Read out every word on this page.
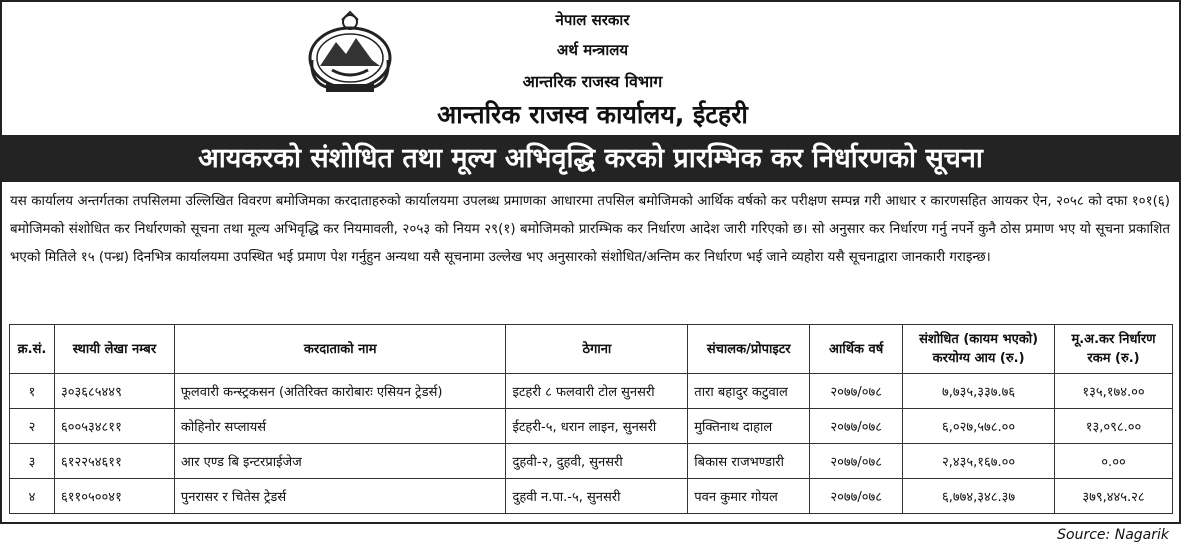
नेपाल सरकार
अर्थ मन्त्रालय
आन्तरिक राजस्व विभाग
आन्तरिक राजस्व कार्यालय, ईटहरी
आयकरको संशोधित तथा मूल्य अभिवृद्धि करको प्रारम्भिक कर निर्धारणको सूचना
यस कार्यालय अन्तर्गतका तपसिलमा उल्लिखित विवरण बमोजिमका करदाताहरुको कार्यालयमा उपलब्ध प्रमाणका आधारमा तपसिल बमोजिमको आर्थिक वर्षको कर परीक्षण सम्पन्न गरी आधार र कारणसहित आयकर ऐन, २०५८ को दफा १०१(६) बमोजिमको संशोधित कर निर्धारणको सूचना तथा मूल्य अभिवृद्धि कर नियमावली, २०५३ को नियम २९(१) बमोजिमको प्रारम्भिक कर निर्धारण आदेश जारी गरिएको छ। सो अनुसार कर निर्धारण गर्नु नपर्ने कुनै ठोस प्रमाण भए यो सूचना प्रकाशित भएको मितिले १५ (पन्ध्र) दिनभित्र कार्यालयमा उपस्थित भई प्रमाण पेश गर्नुहुन अन्यथा यसै सूचनामा उल्लेख भए अनुसारको संशोधित/अन्तिम कर निर्धारण भई जाने व्यहोरा यसै सूचनाद्वारा जानकारी गराइन्छ।
क्र.सं.	स्थायी लेखा नम्बर	करदाताको नाम	ठेगाना	संचालक/प्रोपाइटर	आर्थिक वर्ष	संशोधित (कायम भएको) करयोग्य आय (रु.)	मू.अ.कर निर्धारण रकम (रु.)
१	३०३६८५४४९	फूलवारी कन्स्ट्रकसन (अतिरिक्त कारोबारः एसियन ट्रेडर्स)	इटहरी ८ फलवारी टोल सुनसरी	तारा बहादुर कटुवाल	२०७७/०७८	७,७३५,३३७.७६	१३५,१७४.००
२	६००५३४८११	कोहिनोर सप्लायर्स	ईटहरी-५, धरान लाइन, सुनसरी	मुक्तिनाथ दाहाल	२०७७/०७८	६,०२७,५७८.००	१३,०९८.००
३	६१२२५४६११	आर एण्ड बि इन्टरप्राईजेज	दुहवी-२, दुहवी, सुनसरी	बिकास राजभण्डारी	२०७७/०७८	२,४३५,१६७.००	०.००
४	६११०५००४१	पुनरासर र चितेस ट्रेडर्स	दुहवी न.पा.-५, सुनसरी	पवन कुमार गोयल	२०७७/०७८	६,७७४,३४८.३७	३७९,४४५.२८
Source: Nagarik
